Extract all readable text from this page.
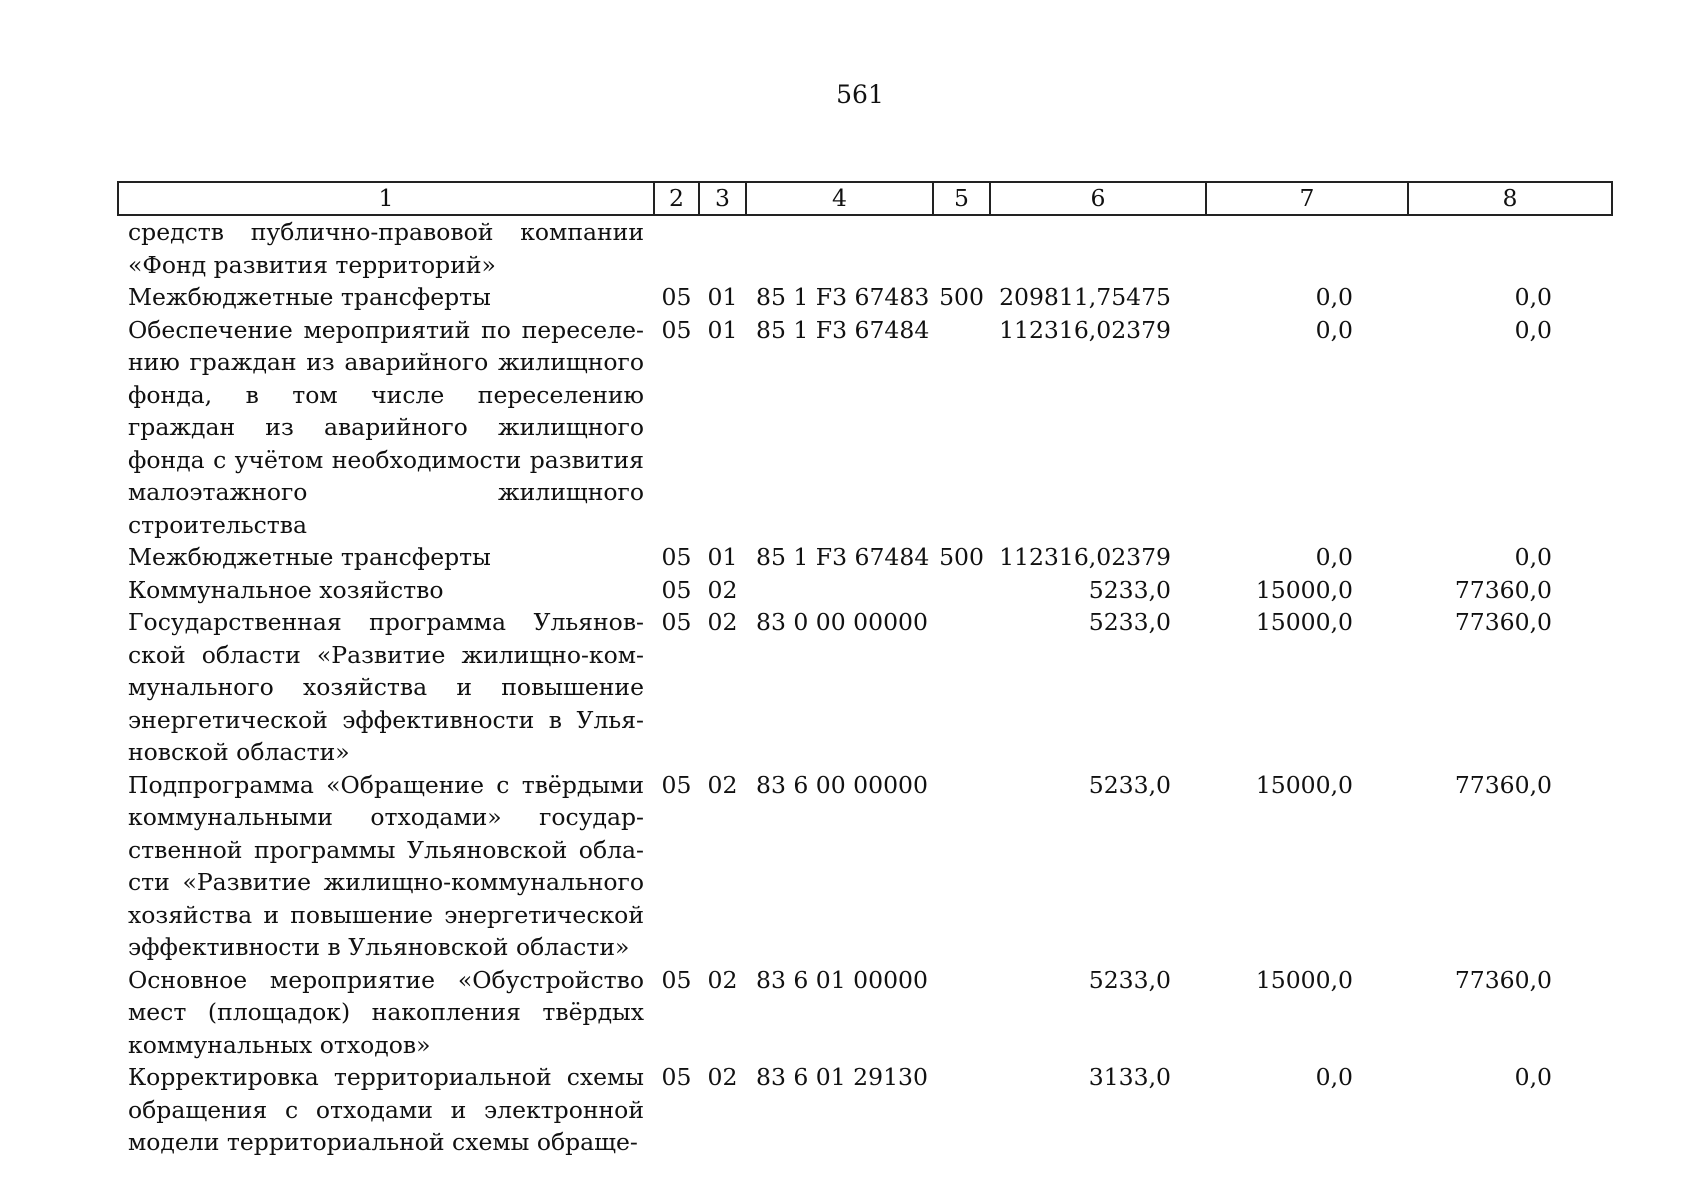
561
1	2	3	4	5	6	7	8
средств публично-правовой компании «Фонд развития территорий»							
Межбюджетные трансферты	05	01	85 1 F3 67483	500	209811,75475	0,0	0,0
Обеспечение мероприятий по переселению граждан из аварийного жилищного фонда, в том числе переселению граждан из аварийного жилищного фонда с учётом необходимости развития малоэтажного жилищного строительства	05	01	85 1 F3 67484		112316,02379	0,0	0,0
Межбюджетные трансферты	05	01	85 1 F3 67484	500	112316,02379	0,0	0,0
Коммунальное хозяйство	05	02			5233,0	15000,0	77360,0
Государственная программа Ульяновской области «Развитие жилищно-коммунального хозяйства и повышение энергетической эффективности в Ульяновской области»	05	02	83 0 00 00000		5233,0	15000,0	77360,0
Подпрограмма «Обращение с твёрдыми коммунальными отходами» государственной программы Ульяновской области «Развитие жилищно-коммунального хозяйства и повышение энергетической эффективности в Ульяновской области»	05	02	83 6 00 00000		5233,0	15000,0	77360,0
Основное мероприятие «Обустройство мест (площадок) накопления твёрдых коммунальных отходов»	05	02	83 6 01 00000		5233,0	15000,0	77360,0
Корректировка территориальной схемы обращения с отходами и электронной модели территориальной схемы обраще-	05	02	83 6 01 29130		3133,0	0,0	0,0
